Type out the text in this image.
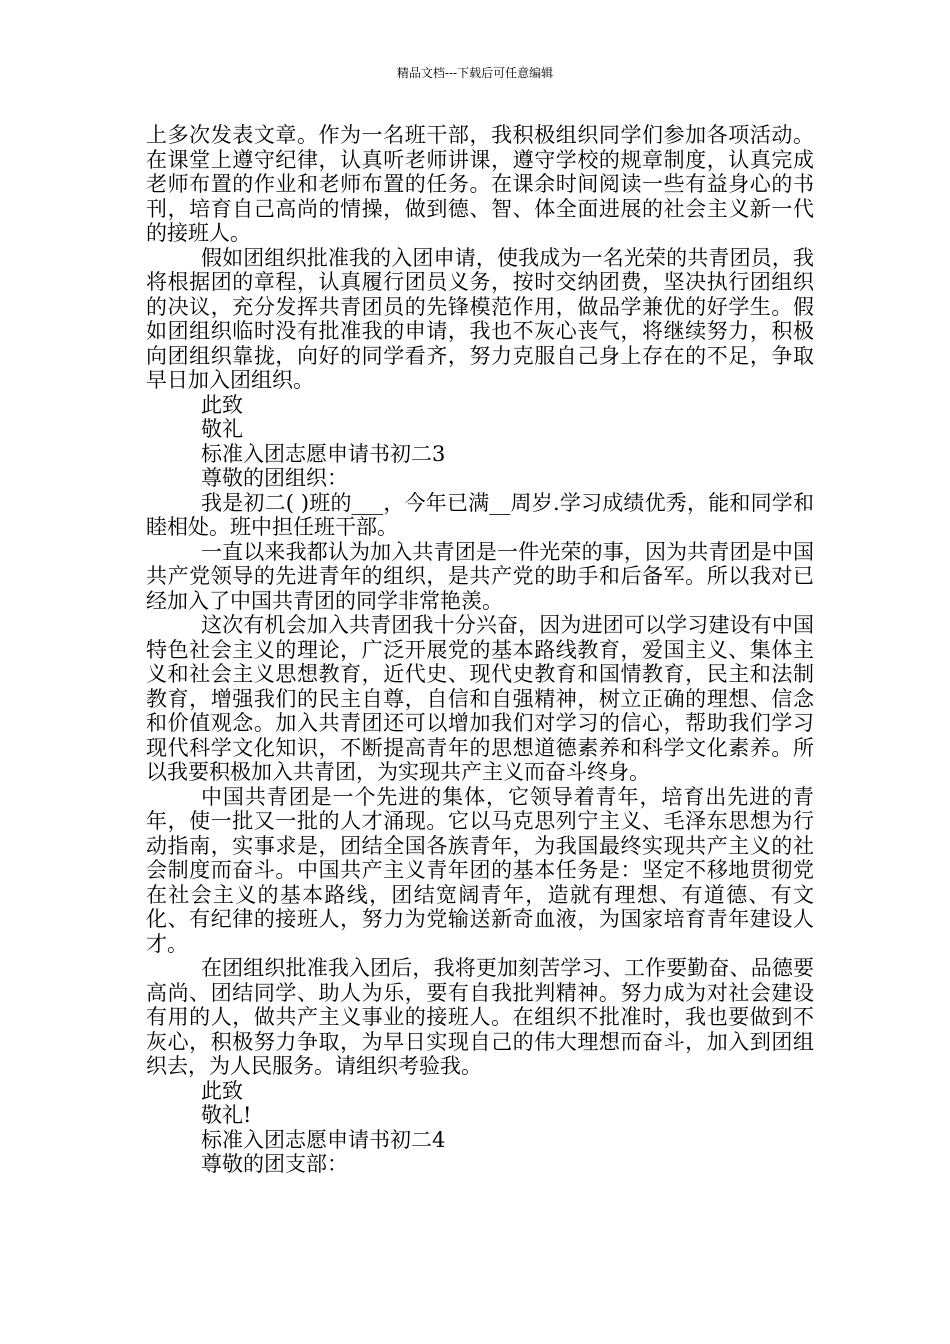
精品文档---下载后可任意编辑

上多次发表文章。作为一名班干部，我积极组织同学们参加各项活动。在课堂上遵守纪律，认真听老师讲课，遵守学校的规章制度，认真完成老师布置的作业和老师布置的任务。在课余时间阅读一些有益身心的书刊，培育自己高尚的情操，做到德、智、体全面进展的社会主义新一代的接班人。

假如团组织批准我的入团申请，使我成为一名光荣的共青团员，我将根据团的章程，认真履行团员义务，按时交纳团费，坚决执行团组织的决议，充分发挥共青团员的先锋模范作用，做品学兼优的好学生。假如团组织临时没有批准我的申请，我也不灰心丧气，将继续努力，积极向团组织靠拢，向好的同学看齐，努力克服自己身上存在的不足，争取早日加入团组织。

此致

敬礼

标准入团志愿申请书初二3

尊敬的团组织：

我是初二( )班的___，今年已满__周岁.学习成绩优秀，能和同学和睦相处。班中担任班干部。

一直以来我都认为加入共青团是一件光荣的事，因为共青团是中国共产党领导的先进青年的组织，是共产党的助手和后备军。所以我对已经加入了中国共青团的同学非常艳羡。

这次有机会加入共青团我十分兴奋，因为进团可以学习建设有中国特色社会主义的理论，广泛开展党的基本路线教育，爱国主义、集体主义和社会主义思想教育，近代史、现代史教育和国情教育，民主和法制教育，增强我们的民主自尊，自信和自强精神，树立正确的理想、信念和价值观念。加入共青团还可以增加我们对学习的信心，帮助我们学习现代科学文化知识，不断提高青年的思想道德素养和科学文化素养。所以我要积极加入共青团，为实现共产主义而奋斗终身。

中国共青团是一个先进的集体，它领导着青年，培育出先进的青年，使一批又一批的人才涌现。它以马克思列宁主义、毛泽东思想为行动指南，实事求是，团结全国各族青年，为我国最终实现共产主义的社会制度而奋斗。中国共产主义青年团的基本任务是：坚定不移地贯彻党在社会主义的基本路线，团结宽阔青年，造就有理想、有道德、有文化、有纪律的接班人，努力为党输送新奇血液，为国家培育青年建设人才。

在团组织批准我入团后，我将更加刻苦学习、工作要勤奋、品德要高尚、团结同学、助人为乐，要有自我批判精神。努力成为对社会建设有用的人，做共产主义事业的接班人。在组织不批准时，我也要做到不灰心，积极努力争取，为早日实现自己的伟大理想而奋斗，加入到团组织去，为人民服务。请组织考验我。

此致

敬礼!

标准入团志愿申请书初二4

尊敬的团支部：
